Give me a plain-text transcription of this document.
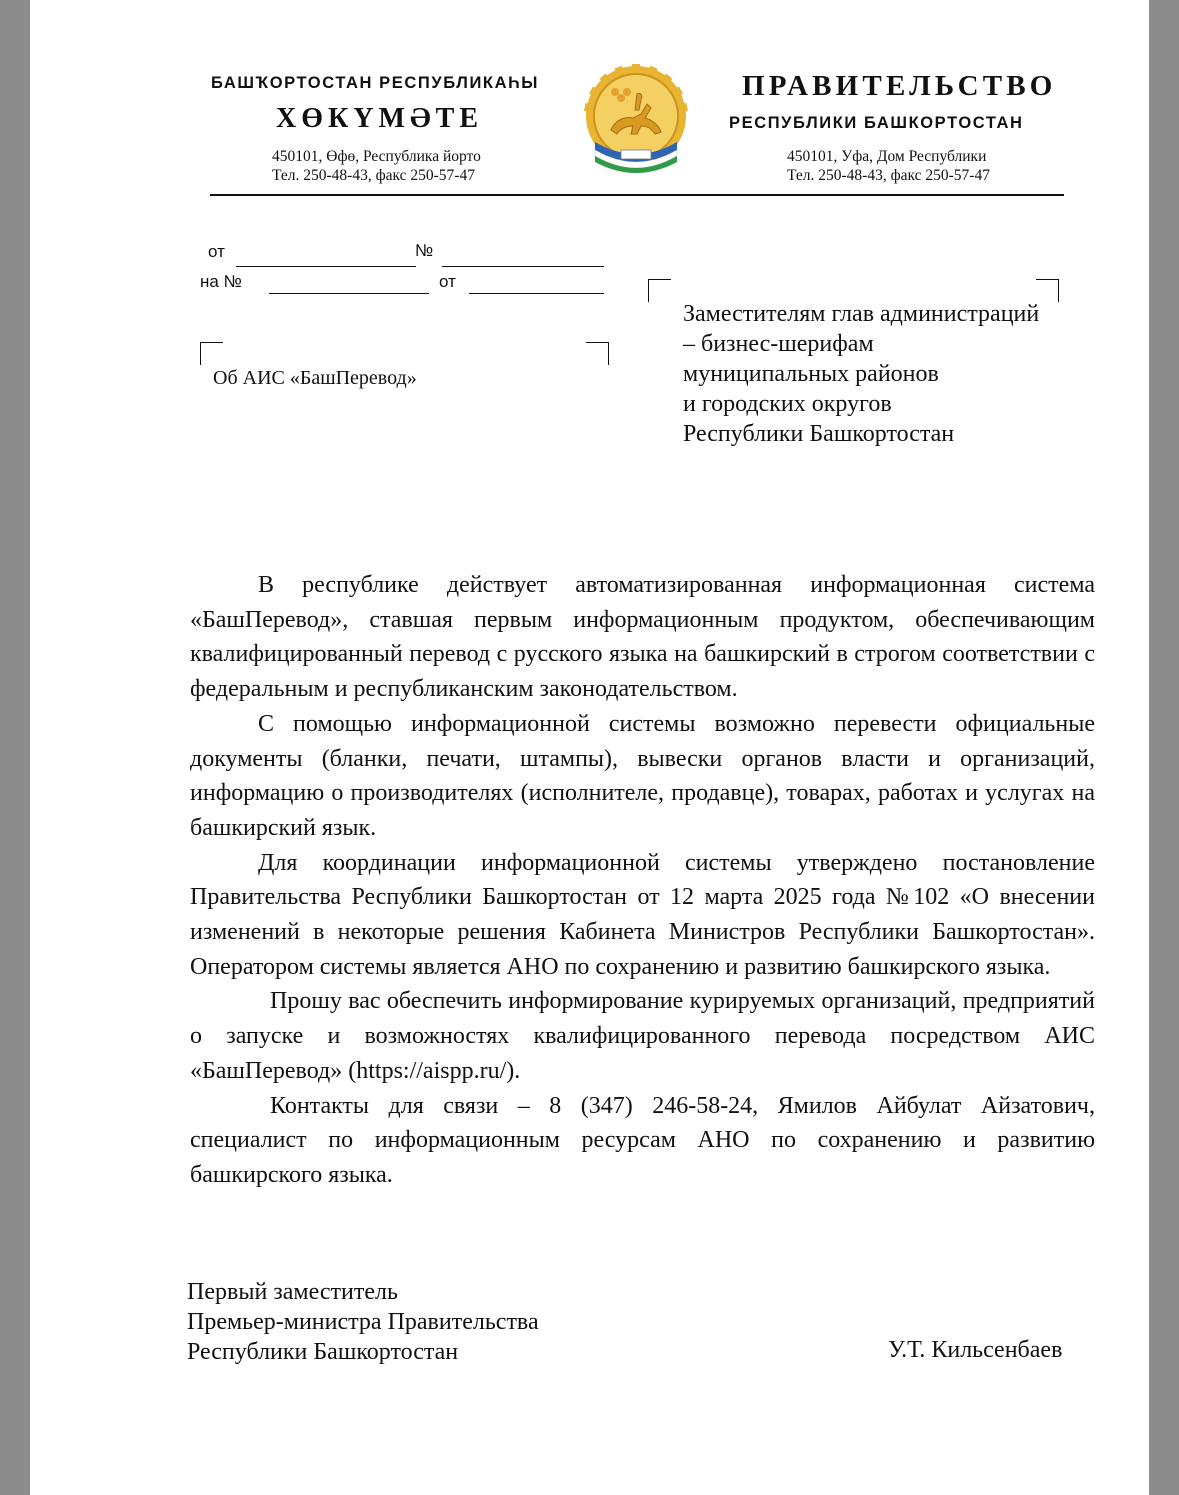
БАШҠОРТОСТАН РЕСПУБЛИКАҺЫ
ХӨКҮМӘТЕ
450101, Өфө, Республика йорто
Тел. 250-48-43, факс 250-57-47
ПРАВИТЕЛЬСТВО
РЕСПУБЛИКИ БАШКОРТОСТАН
450101, Уфа, Дом Республики
Тел. 250-48-43, факс 250-57-47
от	№
на №	от
Об АИС «БашПеревод»
Заместителям глав администраций
– бизнес-шерифам
муниципальных районов
и городских округов
Республики Башкортостан

В республике действует автоматизированная информационная система «БашПеревод», ставшая первым информационным продуктом, обеспечивающим квалифицированный перевод с русского языка на башкирский в строгом соответствии с федеральным и республиканским законодательством.

С помощью информационной системы возможно перевести официальные документы (бланки, печати, штампы), вывески органов власти и организаций, информацию о производителях (исполнителе, продавце), товарах, работах и услугах на башкирский язык.

Для координации информационной системы утверждено постановление Правительства Республики Башкортостан от 12 марта 2025 года №102 «О внесении изменений в некоторые решения Кабинета Министров Республики Башкортостан». Оператором системы является АНО по сохранению и развитию башкирского языка.

Прошу вас обеспечить информирование курируемых организаций, предприятий о запуске и возможностях квалифицированного перевода посредством АИС «БашПеревод» (https://aispp.ru/).

Контакты для связи – 8 (347) 246-58-24, Ямилов Айбулат Айзатович, специалист по информационным ресурсам АНО по сохранению и развитию башкирского языка.

Первый заместитель
Премьер-министра Правительства
Республики Башкортостан	У.Т. Кильсенбаев
